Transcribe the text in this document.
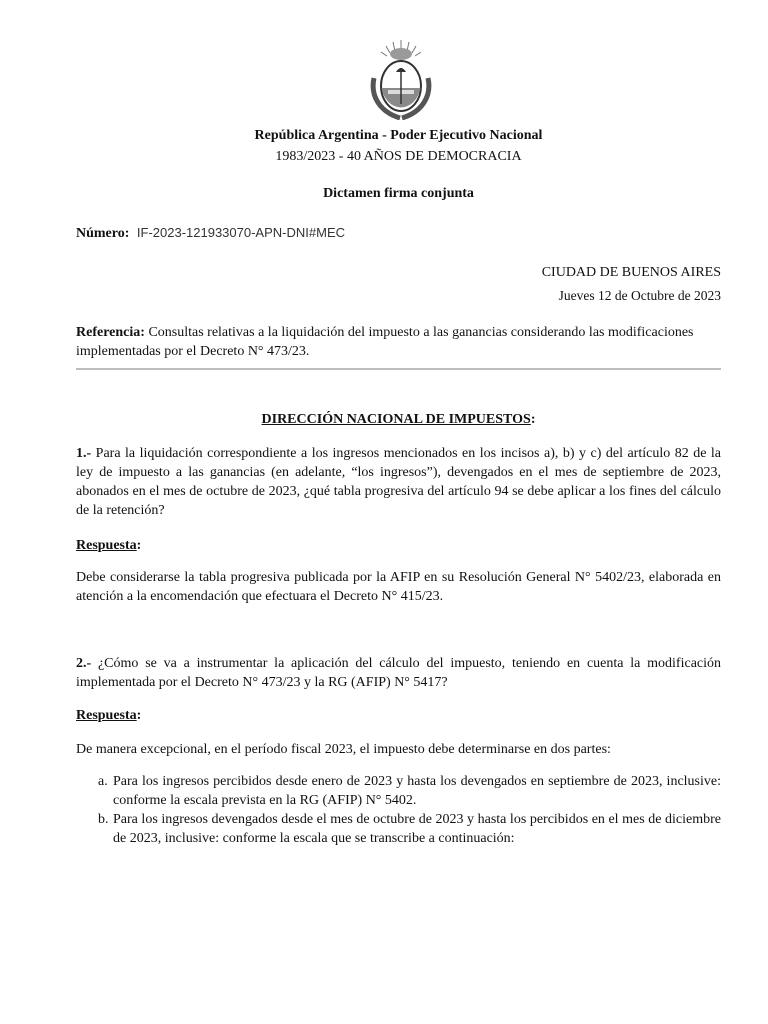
República Argentina - Poder Ejecutivo Nacional
1983/2023 - 40 AÑOS DE DEMOCRACIA
Dictamen firma conjunta
Número: IF-2023-121933070-APN-DNI#MEC
CIUDAD DE BUENOS AIRES
Jueves 12 de Octubre de 2023
Referencia: Consultas relativas a la liquidación del impuesto a las ganancias considerando las modificaciones implementadas por el Decreto N° 473/23.
DIRECCIÓN NACIONAL DE IMPUESTOS:
1.- Para la liquidación correspondiente a los ingresos mencionados en los incisos a), b) y c) del artículo 82 de la ley de impuesto a las ganancias (en adelante, “los ingresos”), devengados en el mes de septiembre de 2023, abonados en el mes de octubre de 2023, ¿qué tabla progresiva del artículo 94 se debe aplicar a los fines del cálculo de la retención?
Respuesta:
Debe considerarse la tabla progresiva publicada por la AFIP en su Resolución General N° 5402/23, elaborada en atención a la encomendación que efectuara el Decreto N° 415/23.
2.- ¿Cómo se va a instrumentar la aplicación del cálculo del impuesto, teniendo en cuenta la modificación implementada por el Decreto N° 473/23 y la RG (AFIP) N° 5417?
Respuesta:
De manera excepcional, en el período fiscal 2023, el impuesto debe determinarse en dos partes:
a. Para los ingresos percibidos desde enero de 2023 y hasta los devengados en septiembre de 2023, inclusive: conforme la escala prevista en la RG (AFIP) N° 5402.
b. Para los ingresos devengados desde el mes de octubre de 2023 y hasta los percibidos en el mes de diciembre de 2023, inclusive: conforme la escala que se transcribe a continuación:
